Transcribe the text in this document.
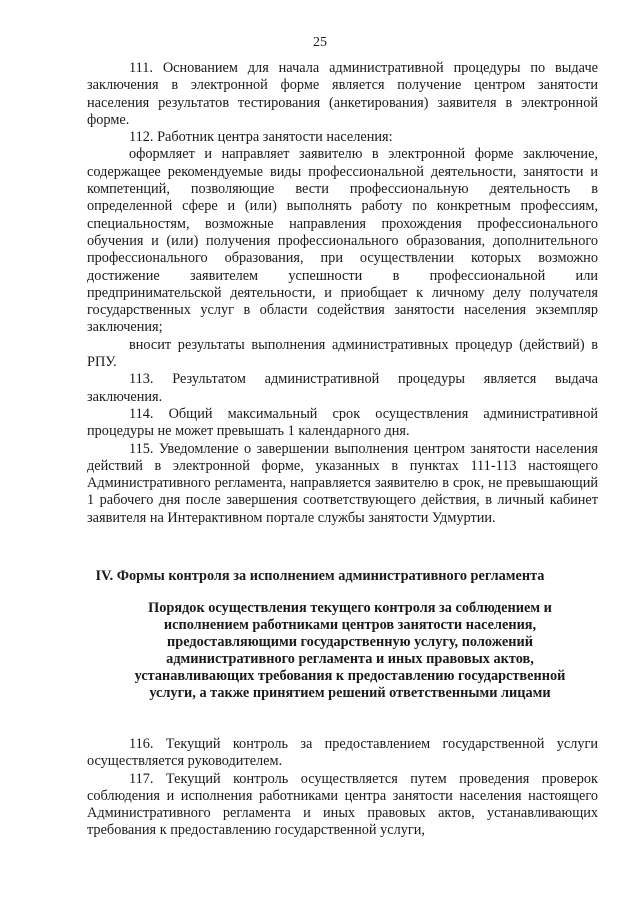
25

111. Основанием для начала административной процедуры по выдаче заключения в электронной форме является получение центром занятости населения результатов тестирования (анкетирования) заявителя в электронной форме.

112. Работник центра занятости населения:

оформляет и направляет заявителю в электронной форме заключение, содержащее рекомендуемые виды профессиональной деятельности, занятости и компетенций, позволяющие вести профессиональную деятельность в определенной сфере и (или) выполнять работу по конкретным профессиям, специальностям, возможные направления прохождения профессионального обучения и (или) получения профессионального образования, дополнительного профессионального образования, при осуществлении которых возможно достижение заявителем успешности в профессиональной или предпринимательской деятельности, и приобщает к личному делу получателя государственных услуг в области содействия занятости населения экземпляр заключения;

вносит результаты выполнения административных процедур (действий) в РПУ.

113. Результатом административной процедуры является выдача заключения.

114. Общий максимальный срок осуществления административной процедуры не может превышать 1 календарного дня.

115. Уведомление о завершении выполнения центром занятости населения действий в электронной форме, указанных в пунктах 111-113 настоящего Административного регламента, направляется заявителю в срок, не превышающий 1 рабочего дня после завершения соответствующего действия, в личный кабинет заявителя на Интерактивном портале службы занятости Удмуртии.

IV. Формы контроля за исполнением административного регламента
Порядок осуществления текущего контроля за соблюдением и исполнением работниками центров занятости населения, предоставляющими государственную услугу, положений административного регламента и иных правовых актов, устанавливающих требования к предоставлению государственной услуги, а также принятием решений ответственными лицами

116. Текущий контроль за предоставлением государственной услуги осуществляется руководителем.

117. Текущий контроль осуществляется путем проведения проверок соблюдения и исполнения работниками центра занятости населения настоящего Административного регламента и иных правовых актов, устанавливающих требования к предоставлению государственной услуги,
